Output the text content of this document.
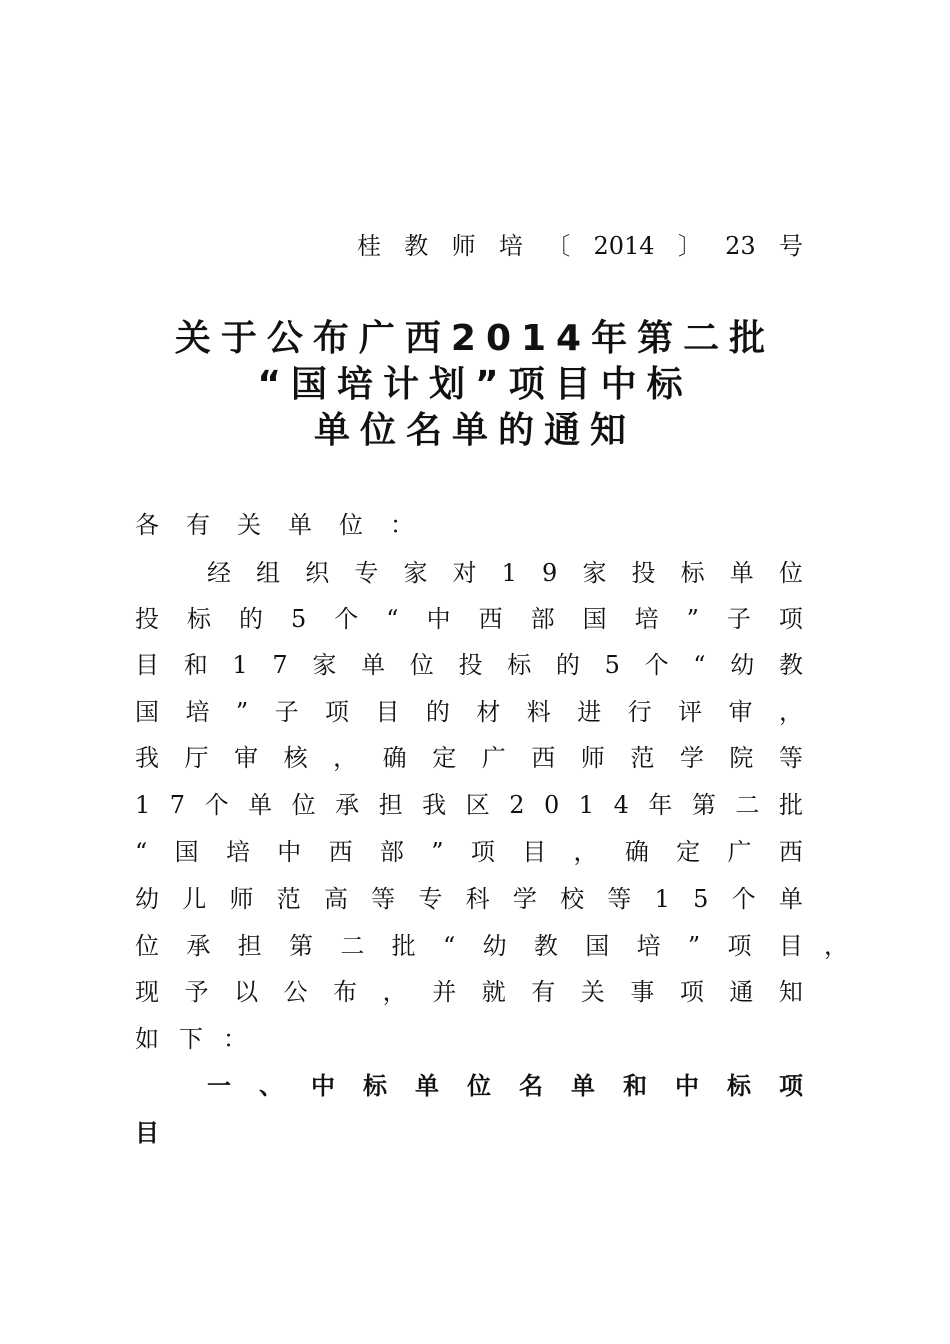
桂 教 师 培 〔 2014 〕 23 号
关于公布广西2014年第二批
“国培计划”项目中标
单位名单的通知
各有关单位：
经 组 织 专 家 对 1 9 家 投 标 单 位
投 标 的 5 个 “ 中 西 部 国 培 ” 子 项
目 和 1 7 家 单 位 投 标 的 5 个 “ 幼 教
国 培 ” 子 项 目 的 材 料 进 行 评 审 ，
我 厅 审 核 ， 确 定 广 西 师 范 学 院 等
1 7 个 单 位 承 担 我 区 2 0 1 4 年 第 二 批
“ 国 培 中 西 部 ” 项 目 ， 确 定 广 西
幼 儿 师 范 高 等 专 科 学 校 等 1 5 个 单
位 承 担 第 二 批 “ 幼 教 国 培 ” 项 目 ，
现 予 以 公 布 ， 并 就 有 关 事 项 通 知
如下：
一 、 中 标 单 位 名 单 和 中 标 项
目
